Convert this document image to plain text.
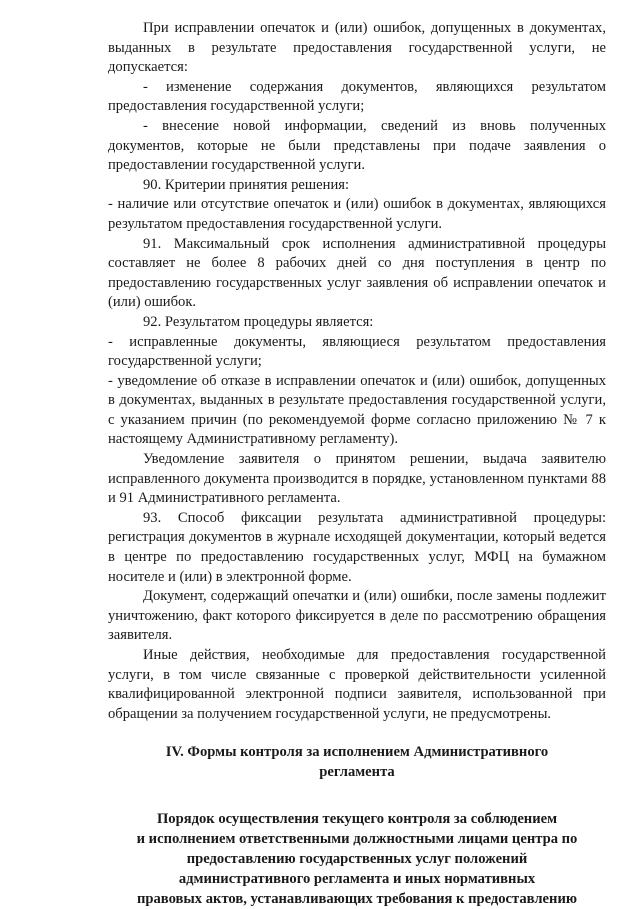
При исправлении опечаток и (или) ошибок, допущенных в документах, выданных в результате предоставления государственной услуги, не допускается:

- изменение содержания документов, являющихся результатом предоставления государственной услуги;

- внесение новой информации, сведений из вновь полученных документов, которые не были представлены при подаче заявления о предоставлении государственной услуги.

90. Критерии принятия решения:

- наличие или отсутствие опечаток и (или) ошибок в документах, являющихся результатом предоставления государственной услуги.

91. Максимальный срок исполнения административной процедуры составляет не более 8 рабочих дней со дня поступления в центр по предоставлению государственных услуг заявления об исправлении опечаток и (или) ошибок.

92. Результатом процедуры является:

- исправленные документы, являющиеся результатом предоставления государственной услуги;

- уведомление об отказе в исправлении опечаток и (или) ошибок, допущенных в документах, выданных в результате предоставления государственной услуги, с указанием причин (по рекомендуемой форме согласно приложению № 7 к настоящему Административному регламенту).

Уведомление заявителя о принятом решении, выдача заявителю исправленного документа производится в порядке, установленном пунктами 88 и 91 Административного регламента.

93. Способ фиксации результата административной процедуры: регистрация документов в журнале исходящей документации, который ведется в центре по предоставлению государственных услуг, МФЦ на бумажном носителе и (или) в электронной форме.

Документ, содержащий опечатки и (или) ошибки, после замены подлежит уничтожению, факт которого фиксируется в деле по рассмотрению обращения заявителя.

Иные действия, необходимые для предоставления государственной услуги, в том числе связанные с проверкой действительности усиленной квалифицированной электронной подписи заявителя, использованной при обращении за получением государственной услуги, не предусмотрены.

IV. Формы контроля за исполнением Административного
регламента
Порядок осуществления текущего контроля за соблюдением
и исполнением ответственными должностными лицами центра по
предоставлению государственных услуг положений
административного регламента и иных нормативных
правовых актов, устанавливающих требования к предоставлению
